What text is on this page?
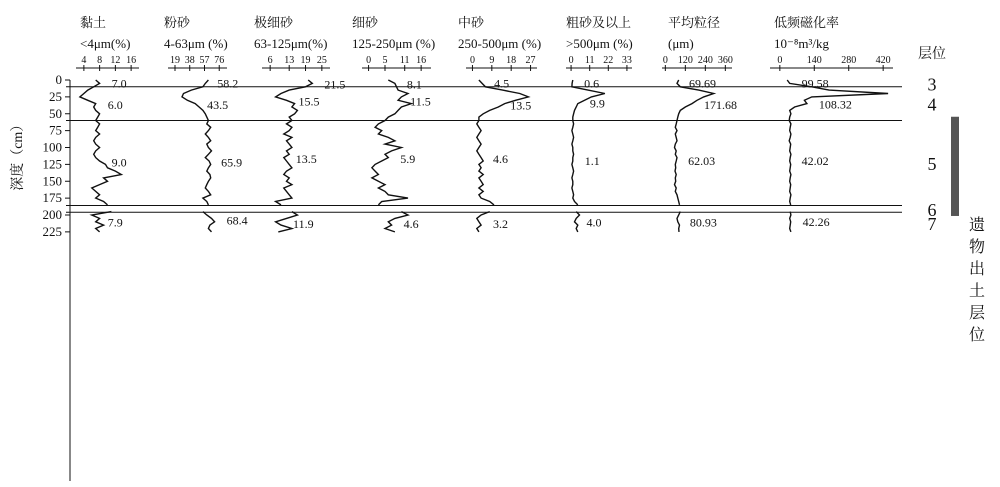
0
25
50
75
100
125
150
175
200
225
深度（cm）
黏土
<4μm(%)
4 8 12 16
7.0
6.0
9.0
7.9
粉砂
4-63μm (%)
19 38 57 76
58.2
43.5
65.9
68.4
极细砂
63-125μm(%)
6 13 19 25
21.5
15.5
13.5
11.9
细砂
125-250μm (%)
0 5 11 16
8.1
11.5
5.9
4.6
中砂
250-500μm (%)
0 9 18 27
4.5
13.5
4.6
3.2
粗砂及以上
>500μm (%)
0 11 22 33
0.6
9.9
1.1
4.0
平均粒径
(μm)
0 120 240 360
69.69
171.68
62.03
80.93
低频磁化率
10⁻⁸m³/kg
0 140 280 420
99.58
108.32
42.02
42.26
层位
3
4
5
6
7 遗
物
出
土
层
位
